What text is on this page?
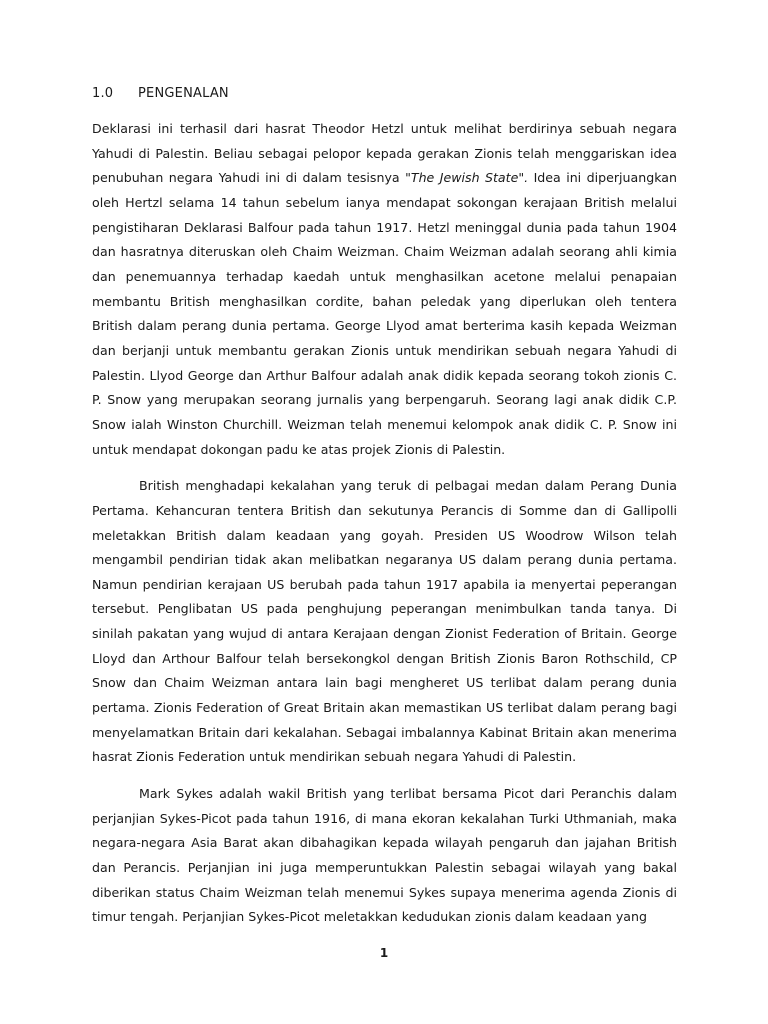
1.0 PENGENALAN

Deklarasi ini terhasil dari hasrat Theodor Hetzl untuk melihat berdirinya sebuah negara Yahudi di Palestin. Beliau sebagai pelopor kepada gerakan Zionis telah menggariskan idea penubuhan negara Yahudi ini di dalam tesisnya "The Jewish State". Idea ini diperjuangkan oleh Hertzl selama 14 tahun sebelum ianya mendapat sokongan kerajaan British melalui pengistiharan Deklarasi Balfour pada tahun 1917. Hetzl meninggal dunia pada tahun 1904 dan hasratnya diteruskan oleh Chaim Weizman. Chaim Weizman adalah seorang ahli kimia dan penemuannya terhadap kaedah untuk menghasilkan acetone melalui penapaian membantu British menghasilkan cordite, bahan peledak yang diperlukan oleh tentera British dalam perang dunia pertama. George Llyod amat berterima kasih kepada Weizman dan berjanji untuk membantu gerakan Zionis untuk mendirikan sebuah negara Yahudi di Palestin. Llyod George dan Arthur Balfour adalah anak didik kepada seorang tokoh zionis C. P. Snow yang merupakan seorang jurnalis yang berpengaruh. Seorang lagi anak didik C.P. Snow ialah Winston Churchill. Weizman telah menemui kelompok anak didik C. P. Snow ini untuk mendapat dokongan padu ke atas projek Zionis di Palestin.

British menghadapi kekalahan yang teruk di pelbagai medan dalam Perang Dunia Pertama. Kehancuran tentera British dan sekutunya Perancis di Somme dan di Gallipolli meletakkan British dalam keadaan yang goyah. Presiden US Woodrow Wilson telah mengambil pendirian tidak akan melibatkan negaranya US dalam perang dunia pertama. Namun pendirian kerajaan US berubah pada tahun 1917 apabila ia menyertai peperangan tersebut. Penglibatan US pada penghujung peperangan menimbulkan tanda tanya. Di sinilah pakatan yang wujud di antara Kerajaan dengan Zionist Federation of Britain. George Lloyd dan Arthour Balfour telah bersekongkol dengan British Zionis Baron Rothschild, CP Snow dan Chaim Weizman antara lain bagi mengheret US terlibat dalam perang dunia pertama. Zionis Federation of Great Britain akan memastikan US terlibat dalam perang bagi menyelamatkan Britain dari kekalahan. Sebagai imbalannya Kabinat Britain akan menerima hasrat Zionis Federation untuk mendirikan sebuah negara Yahudi di Palestin.

Mark Sykes adalah wakil British yang terlibat bersama Picot dari Peranchis dalam perjanjian Sykes-Picot pada tahun 1916, di mana ekoran kekalahan Turki Uthmaniah, maka negara-negara Asia Barat akan dibahagikan kepada wilayah pengaruh dan jajahan British dan Perancis. Perjanjian ini juga memperuntukkan Palestin sebagai wilayah yang bakal diberikan status Chaim Weizman telah menemui Sykes supaya menerima agenda Zionis di timur tengah. Perjanjian Sykes-Picot meletakkan kedudukan zionis dalam keadaan yang

1
